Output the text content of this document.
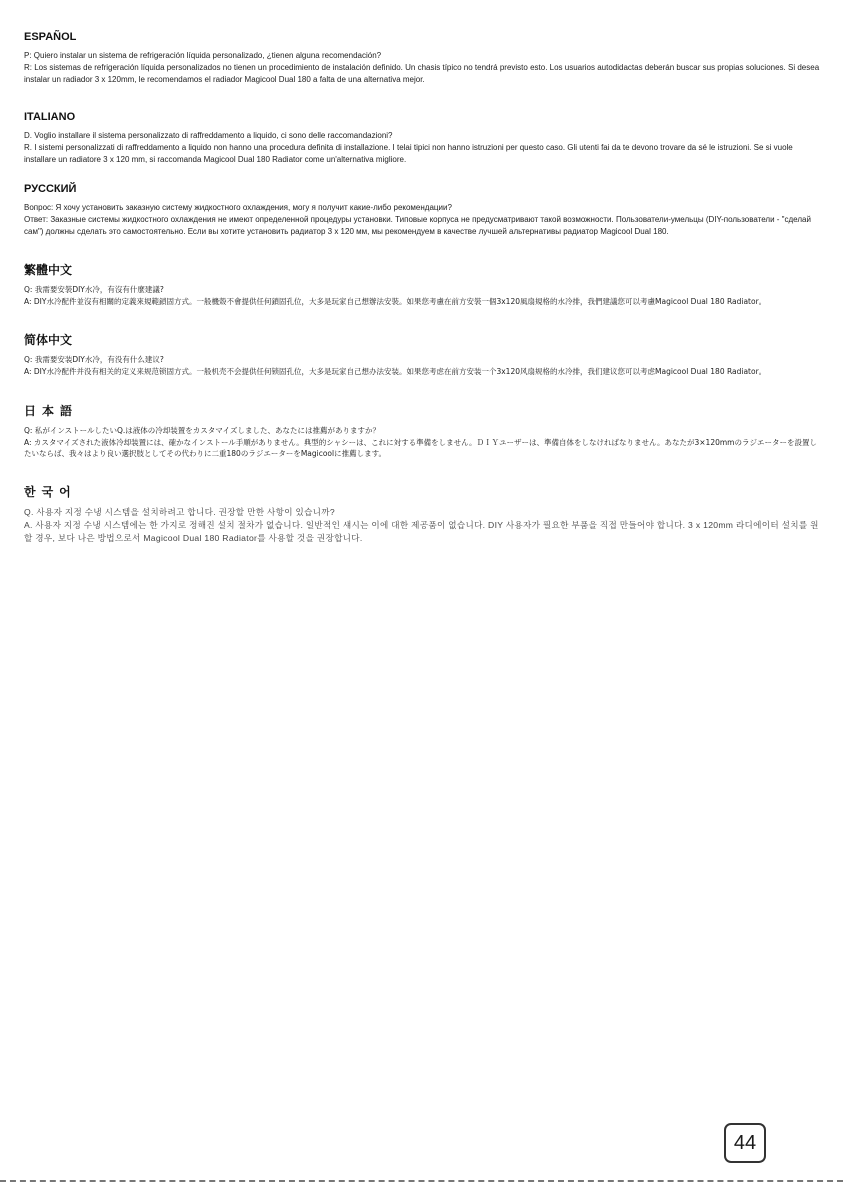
ESPAÑOL

P: Quiero instalar un sistema de refrigeración líquida personalizado, ¿tienen alguna recomendación?

R: Los sistemas de refrigeración líquida personalizados no tienen un procedimiento de instalación definido. Un chasis típico no tendrá previsto esto. Los usuarios autodidactas deberán buscar sus propias soluciones. Si desea instalar un radiador 3 x 120mm, le recomendamos el radiador Magicool Dual 180 a falta de una alternativa mejor.

ITALIANO

D. Voglio installare il sistema personalizzato di raffreddamento a liquido, ci sono delle raccomandazioni?

R. I sistemi personalizzati di raffreddamento a liquido non hanno una procedura definita di installazione. I telai tipici non hanno istruzioni per questo caso. Gli utenti fai da te devono trovare da sé le istruzioni. Se si vuole installare un radiatore 3 x 120 mm, si raccomanda Magicool Dual 180 Radiator come un'alternativa migliore.

РУССКИЙ

Вопрос: Я хочу установить заказную систему жидкостного охлаждения, могу я получит какие-либо рекомендации?

Ответ: Заказные системы жидкостного охлаждения не имеют определенной процедуры установки. Типовые корпуса не предусматривают такой возможности. Пользователи-умельцы (DIY-пользователи - "сделай сам") должны сделать это самостоятельно. Если вы хотите установить радиатор 3 x 120 мм, мы рекомендуем в качестве лучшей альтернативы радиатор Magicool Dual 180.

繁體中文

Q: 我需要安裝DIY水冷，有沒有什麼建議?

A: DIY水冷配件並沒有相關的定義來規範鎖固方式。一般機殼不會提供任何鎖固孔位，大多是玩家自己想辦法安裝。如果您考慮在前方安裝一個3x120風扇規格的水冷排，我們建議您可以考慮Magicool Dual 180 Radiator。

简体中文

Q: 我需要安装DIY水冷，有没有什么建议?

A: DIY水冷配件并没有相关的定义来规范锁固方式。一般机壳不会提供任何锁固孔位，大多是玩家自己想办法安装。如果您考虑在前方安装一个3x120风扇规格的水冷排，我们建议您可以考虑Magicool Dual 180 Radiator。

日本語

Q: 私がインストールしたいQ.は液体の冷却装置をカスタマイズしました、あなたには推薦がありますか？

A: カスタマイズされた液体冷却装置には、確かなインストール手順がありません。典型的シャシーは、これに対する準備をしません。ＤＩＹユーザーは、準備自体をしなければなりません。あなたが3×120mmのラジエーターを設置したいならば、我々はより良い選択肢としてその代わりに二重180のラジエーターをMagicoolに推薦します。

한국어

Q. 사용자 지정 수냉 시스템을 설치하려고 합니다. 권장할 만한 사항이 있습니까?

A. 사용자 지정 수냉 시스템에는 한 가지로 정해진 설치 절차가 없습니다. 일반적인 섀시는 이에 대한 제공품이 없습니다. DIY 사용자가 필요한 부품을 직접 만들어야 합니다. 3 x 120mm 라디에이터 설치를 원할 경우, 보다 나은 방법으로서 Magicool Dual 180 Radiator를 사용할 것을 권장합니다.

44
